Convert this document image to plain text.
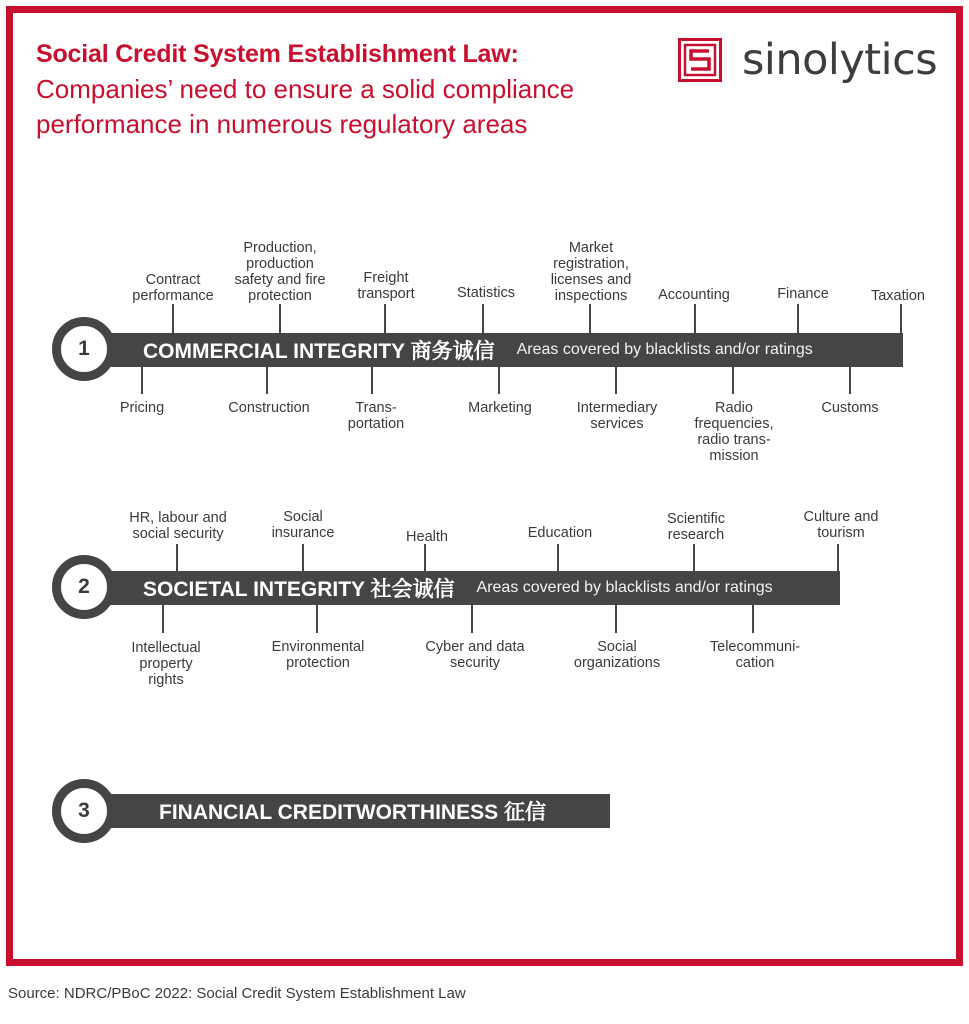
Social Credit System Establishment Law:
Companies’ need to ensure a solid compliance performance in numerous regulatory areas
sinolytics
COMMERCIAL INTEGRITY 商务诚信 Areas covered by blacklists and/or ratings
1
Contract
performance
Production,
production
safety and fire
protection
Freight
transport	Statistics
Market
registration,
licenses and
inspections Accounting	Finance	Taxation
Pricing	Construction	Trans-
portation
Marketing	Intermediary
services
Radio
frequencies,
radio trans-
mission
Customs
SOCIETAL INTEGRITY 社会诚信 Areas covered by blacklists and/or ratings
2
HR, labour and
social security
Social
insurance	Health	Education
Scientific
research
Culture and
tourism
Intellectual
property
rights
Environmental
protection
Cyber and data
security
Social
organizations
Telecommuni-
cation
FINANCIAL CREDITWORTHINESS 征信
3

Source: NDRC/PBoC 2022: Social Credit System Establishment Law
